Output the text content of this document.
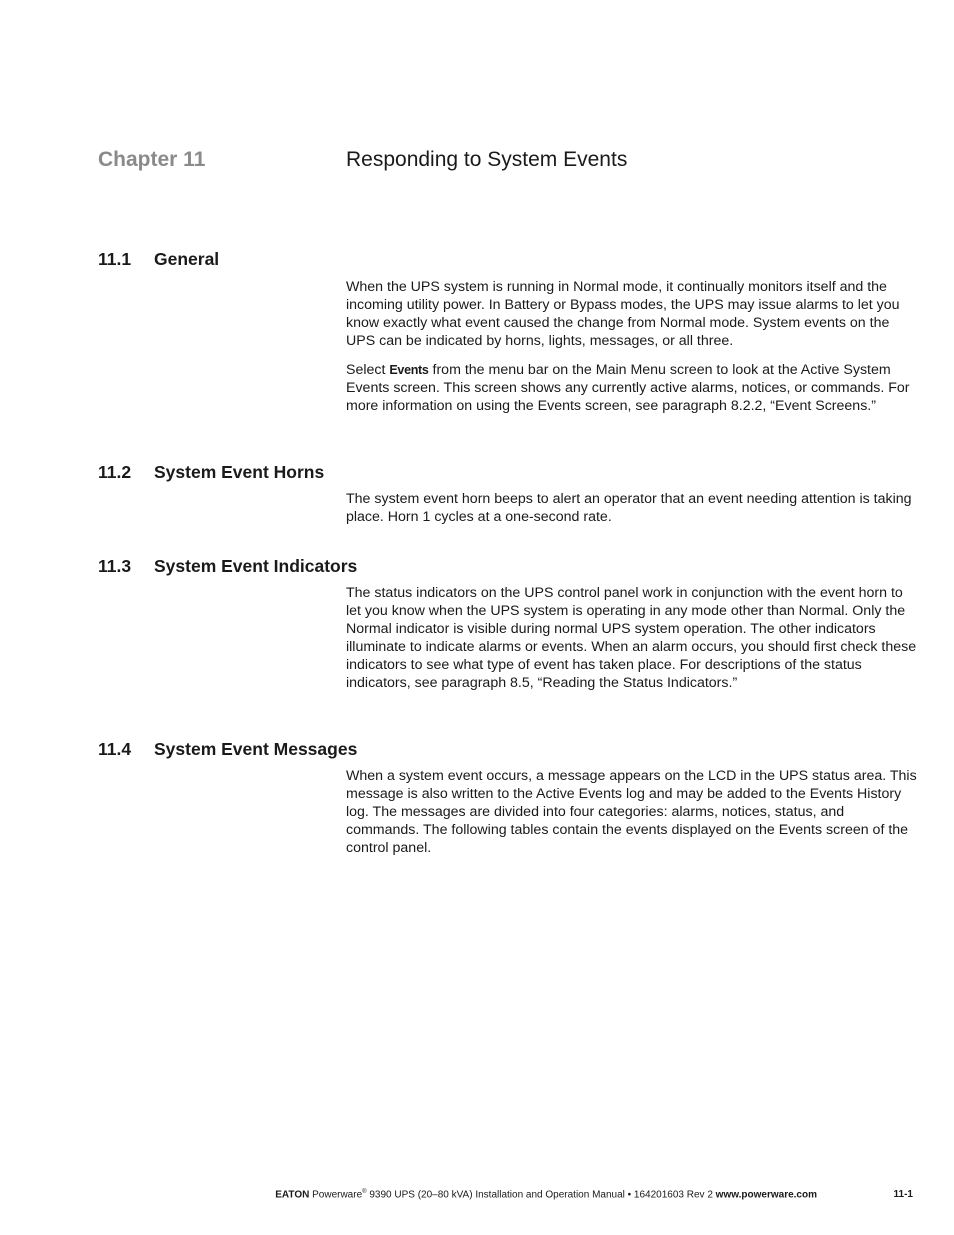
Chapter 11	Responding to System Events
11.1 General

When the UPS system is running in Normal mode, it continually monitors itself and the incoming utility power. In Battery or Bypass modes, the UPS may issue alarms to let you know exactly what event caused the change from Normal mode. System events on the UPS can be indicated by horns, lights, messages, or all three.

Select Events from the menu bar on the Main Menu screen to look at the Active System Events screen. This screen shows any currently active alarms, notices, or commands. For more information on using the Events screen, see paragraph 8.2.2, “Event Screens.”

11.2 System Event Horns

The system event horn beeps to alert an operator that an event needing attention is taking place. Horn 1 cycles at a one-second rate.

11.3 System Event Indicators

The status indicators on the UPS control panel work in conjunction with the event horn to let you know when the UPS system is operating in any mode other than Normal. Only the Normal indicator is visible during normal UPS system operation. The other indicators illuminate to indicate alarms or events. When an alarm occurs, you should first check these indicators to see what type of event has taken place. For descriptions of the status indicators, see paragraph 8.5, “Reading the Status Indicators.”

11.4 System Event Messages

When a system event occurs, a message appears on the LCD in the UPS status area. This message is also written to the Active Events log and may be added to the Events History log. The messages are divided into four categories: alarms, notices, status, and commands. The following tables contain the events displayed on the Events screen of the control panel.

EATON Powerware® 9390 UPS (20–80 kVA) Installation and Operation Manual • 164201603 Rev 2 www.powerware.com	11-1
